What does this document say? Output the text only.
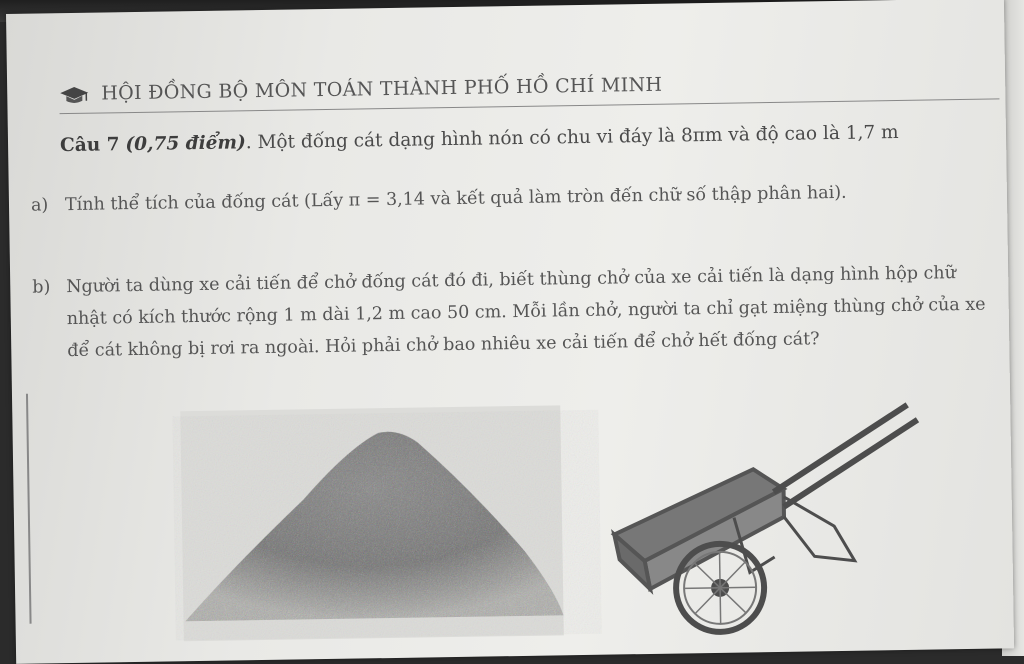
HỘI ĐỒNG BỘ MÔN TOÁN THÀNH PHỐ HỒ CHÍ MINH
Câu 7 (0,75 điểm). Một đống cát dạng hình nón có chu vi đáy là 8πm và độ cao là 1,7 m
a) Tính thể tích của đống cát (Lấy π = 3,14 và kết quả làm tròn đến chữ số thập phân hai).
b) Người ta dùng xe cải tiến để chở đống cát đó đi, biết thùng chở của xe cải tiến là dạng hình hộp chữ nhật có kích thước rộng 1 m dài 1,2 m cao 50 cm. Mỗi lần chở, người ta chỉ gạt miệng thùng chở của xe để cát không bị rơi ra ngoài. Hỏi phải chở bao nhiêu xe cải tiến để chở hết đống cát?
